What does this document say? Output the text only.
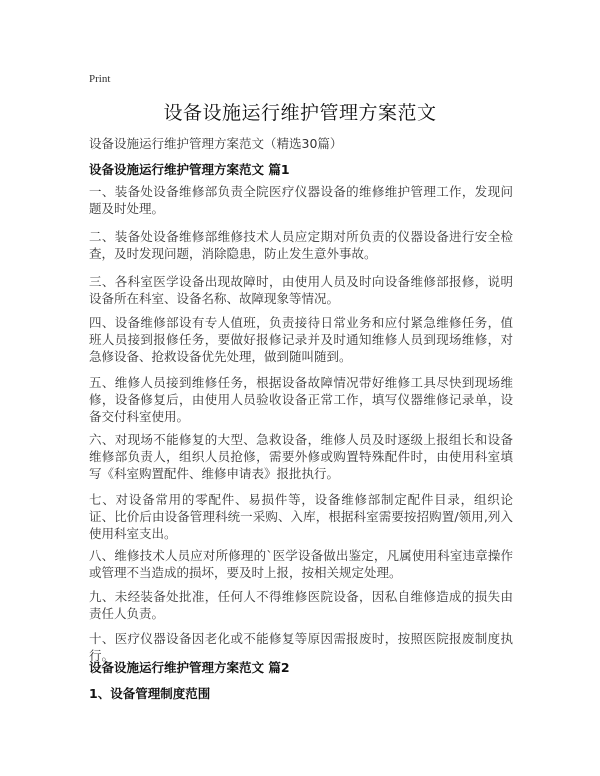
Print
设备设施运行维护管理方案范文
设备设施运行维护管理方案范文（精选30篇）
设备设施运行维护管理方案范文 篇1
一、装备处设备维修部负责全院医疗仪器设备的维修维护管理工作，发现问题及时处理。
二、装备处设备维修部维修技术人员应定期对所负责的仪器设备进行安全检查，及时发现问题，消除隐患，防止发生意外事故。
三、各科室医学设备出现故障时，由使用人员及时向设备维修部报修，说明设备所在科室、设备名称、故障现象等情况。
四、设备维修部设有专人值班，负责接待日常业务和应付紧急维修任务，值班人员接到报修任务，要做好报修记录并及时通知维修人员到现场维修，对急修设备、抢救设备优先处理，做到随叫随到。
五、维修人员接到维修任务，根据设备故障情况带好维修工具尽快到现场维修，设备修复后，由使用人员验收设备正常工作，填写仪器维修记录单，设备交付科室使用。
六、对现场不能修复的大型、急救设备，维修人员及时逐级上报组长和设备维修部负责人，组织人员抢修，需要外修或购置特殊配件时，由使用科室填写《科室购置配件、维修申请表》报批执行。
七、对设备常用的零配件、易损件等，设备维修部制定配件目录，组织论证、比价后由设备管理科统一采购、入库，根据科室需要按招购置/领用,列入使用科室支出。
八、维修技术人员应对所修理的`医学设备做出鉴定，凡属使用科室违章操作或管理不当造成的损坏，要及时上报，按相关规定处理。
九、未经装备处批准，任何人不得维修医院设备，因私自维修造成的损失由责任人负责。
十、医疗仪器设备因老化或不能修复等原因需报废时，按照医院报废制度执行。
设备设施运行维护管理方案范文 篇2
1、设备管理制度范围
